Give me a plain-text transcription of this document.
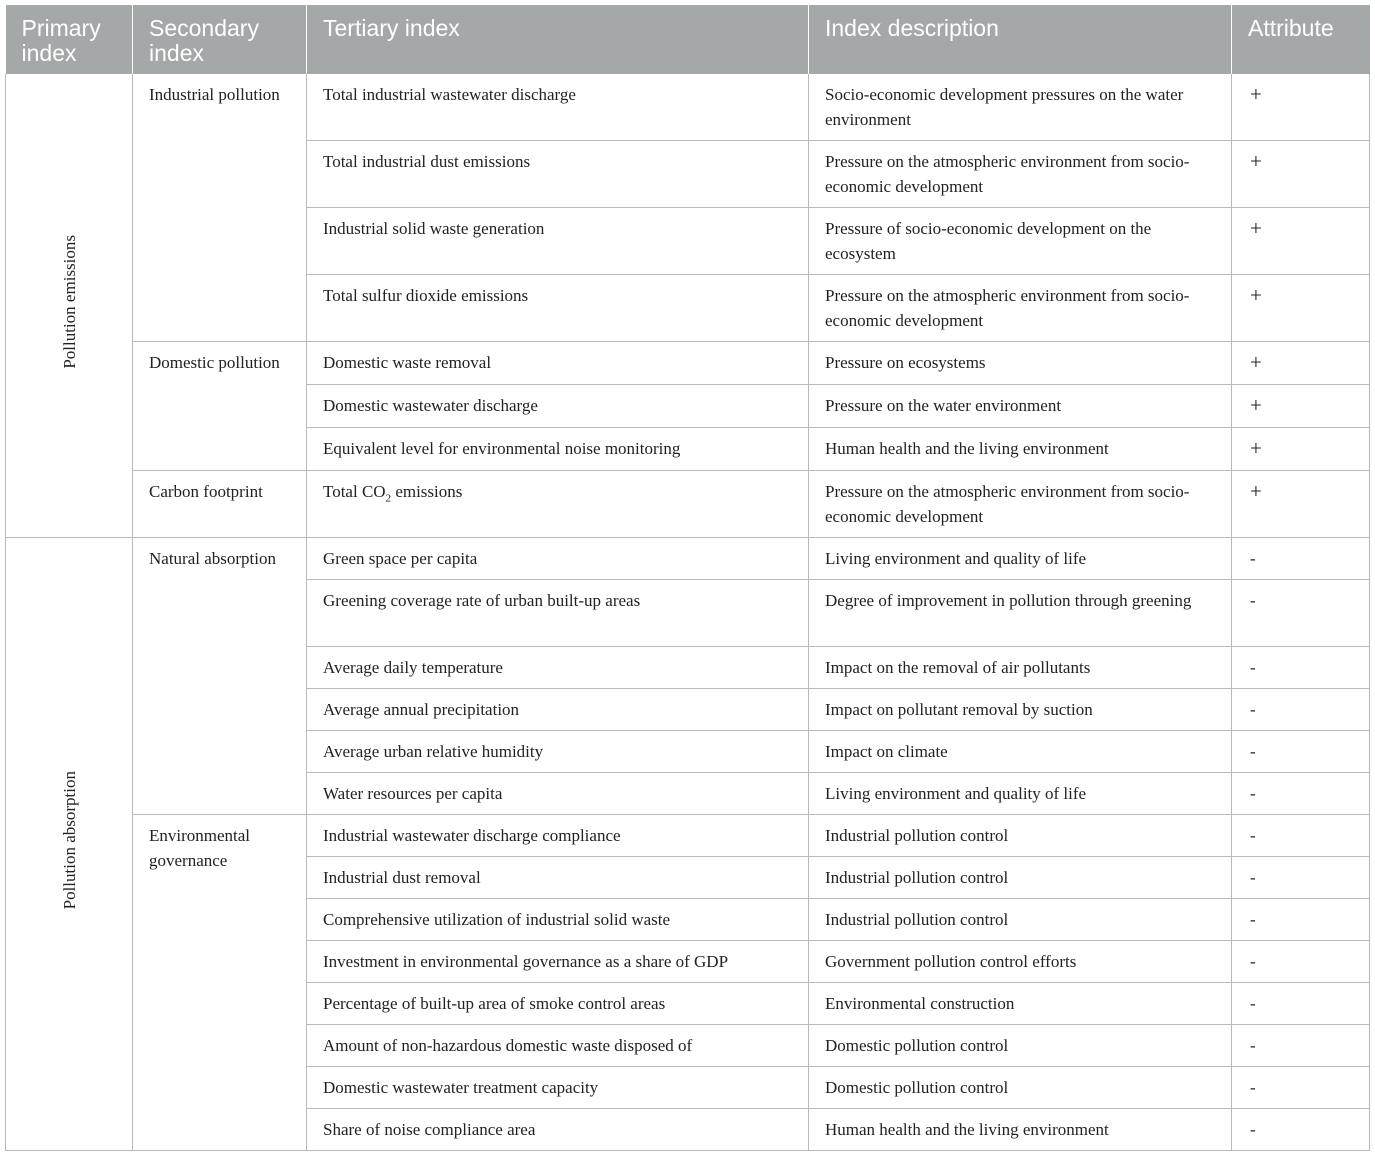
Primary index	Secondary index	Tertiary index	Index description	Attribute
Pollution emissions	Industrial pollution	Total industrial wastewater discharge	Socio-economic development pressures on the water environment	+
		Total industrial dust emissions	Pressure on the atmospheric environment from socio-economic development	+
		Industrial solid waste generation	Pressure of socio-economic development on the ecosystem	+
		Total sulfur dioxide emissions	Pressure on the atmospheric environment from socio-economic development	+
	Domestic pollution	Domestic waste removal	Pressure on ecosystems	+
		Domestic wastewater discharge	Pressure on the water environment	+
		Equivalent level for environmental noise monitoring	Human health and the living environment	+
	Carbon footprint	Total $CO_2$ emissions	Pressure on the atmospheric environment from socio-economic development	+
Pollution absorption	Natural absorption	Green space per capita	Living environment and quality of life	-
		Greening coverage rate of urban built-up areas	Degree of improvement in pollution through greening	-
		Average daily temperature	Impact on the removal of air pollutants	-
		Average annual precipitation	Impact on pollutant removal by suction	-
		Average urban relative humidity	Impact on climate	-
		Water resources per capita	Living environment and quality of life	-
	Environmental governance	Industrial wastewater discharge compliance	Industrial pollution control	-
		Industrial dust removal	Industrial pollution control	-
		Comprehensive utilization of industrial solid waste	Industrial pollution control	-
		Investment in environmental governance as a share of GDP	Government pollution control efforts	-
		Percentage of built-up area of smoke control areas	Environmental construction	-
		Amount of non-hazardous domestic waste disposed of	Domestic pollution control	-
		Domestic wastewater treatment capacity	Domestic pollution control	-
		Share of noise compliance area	Human health and the living environment	-
